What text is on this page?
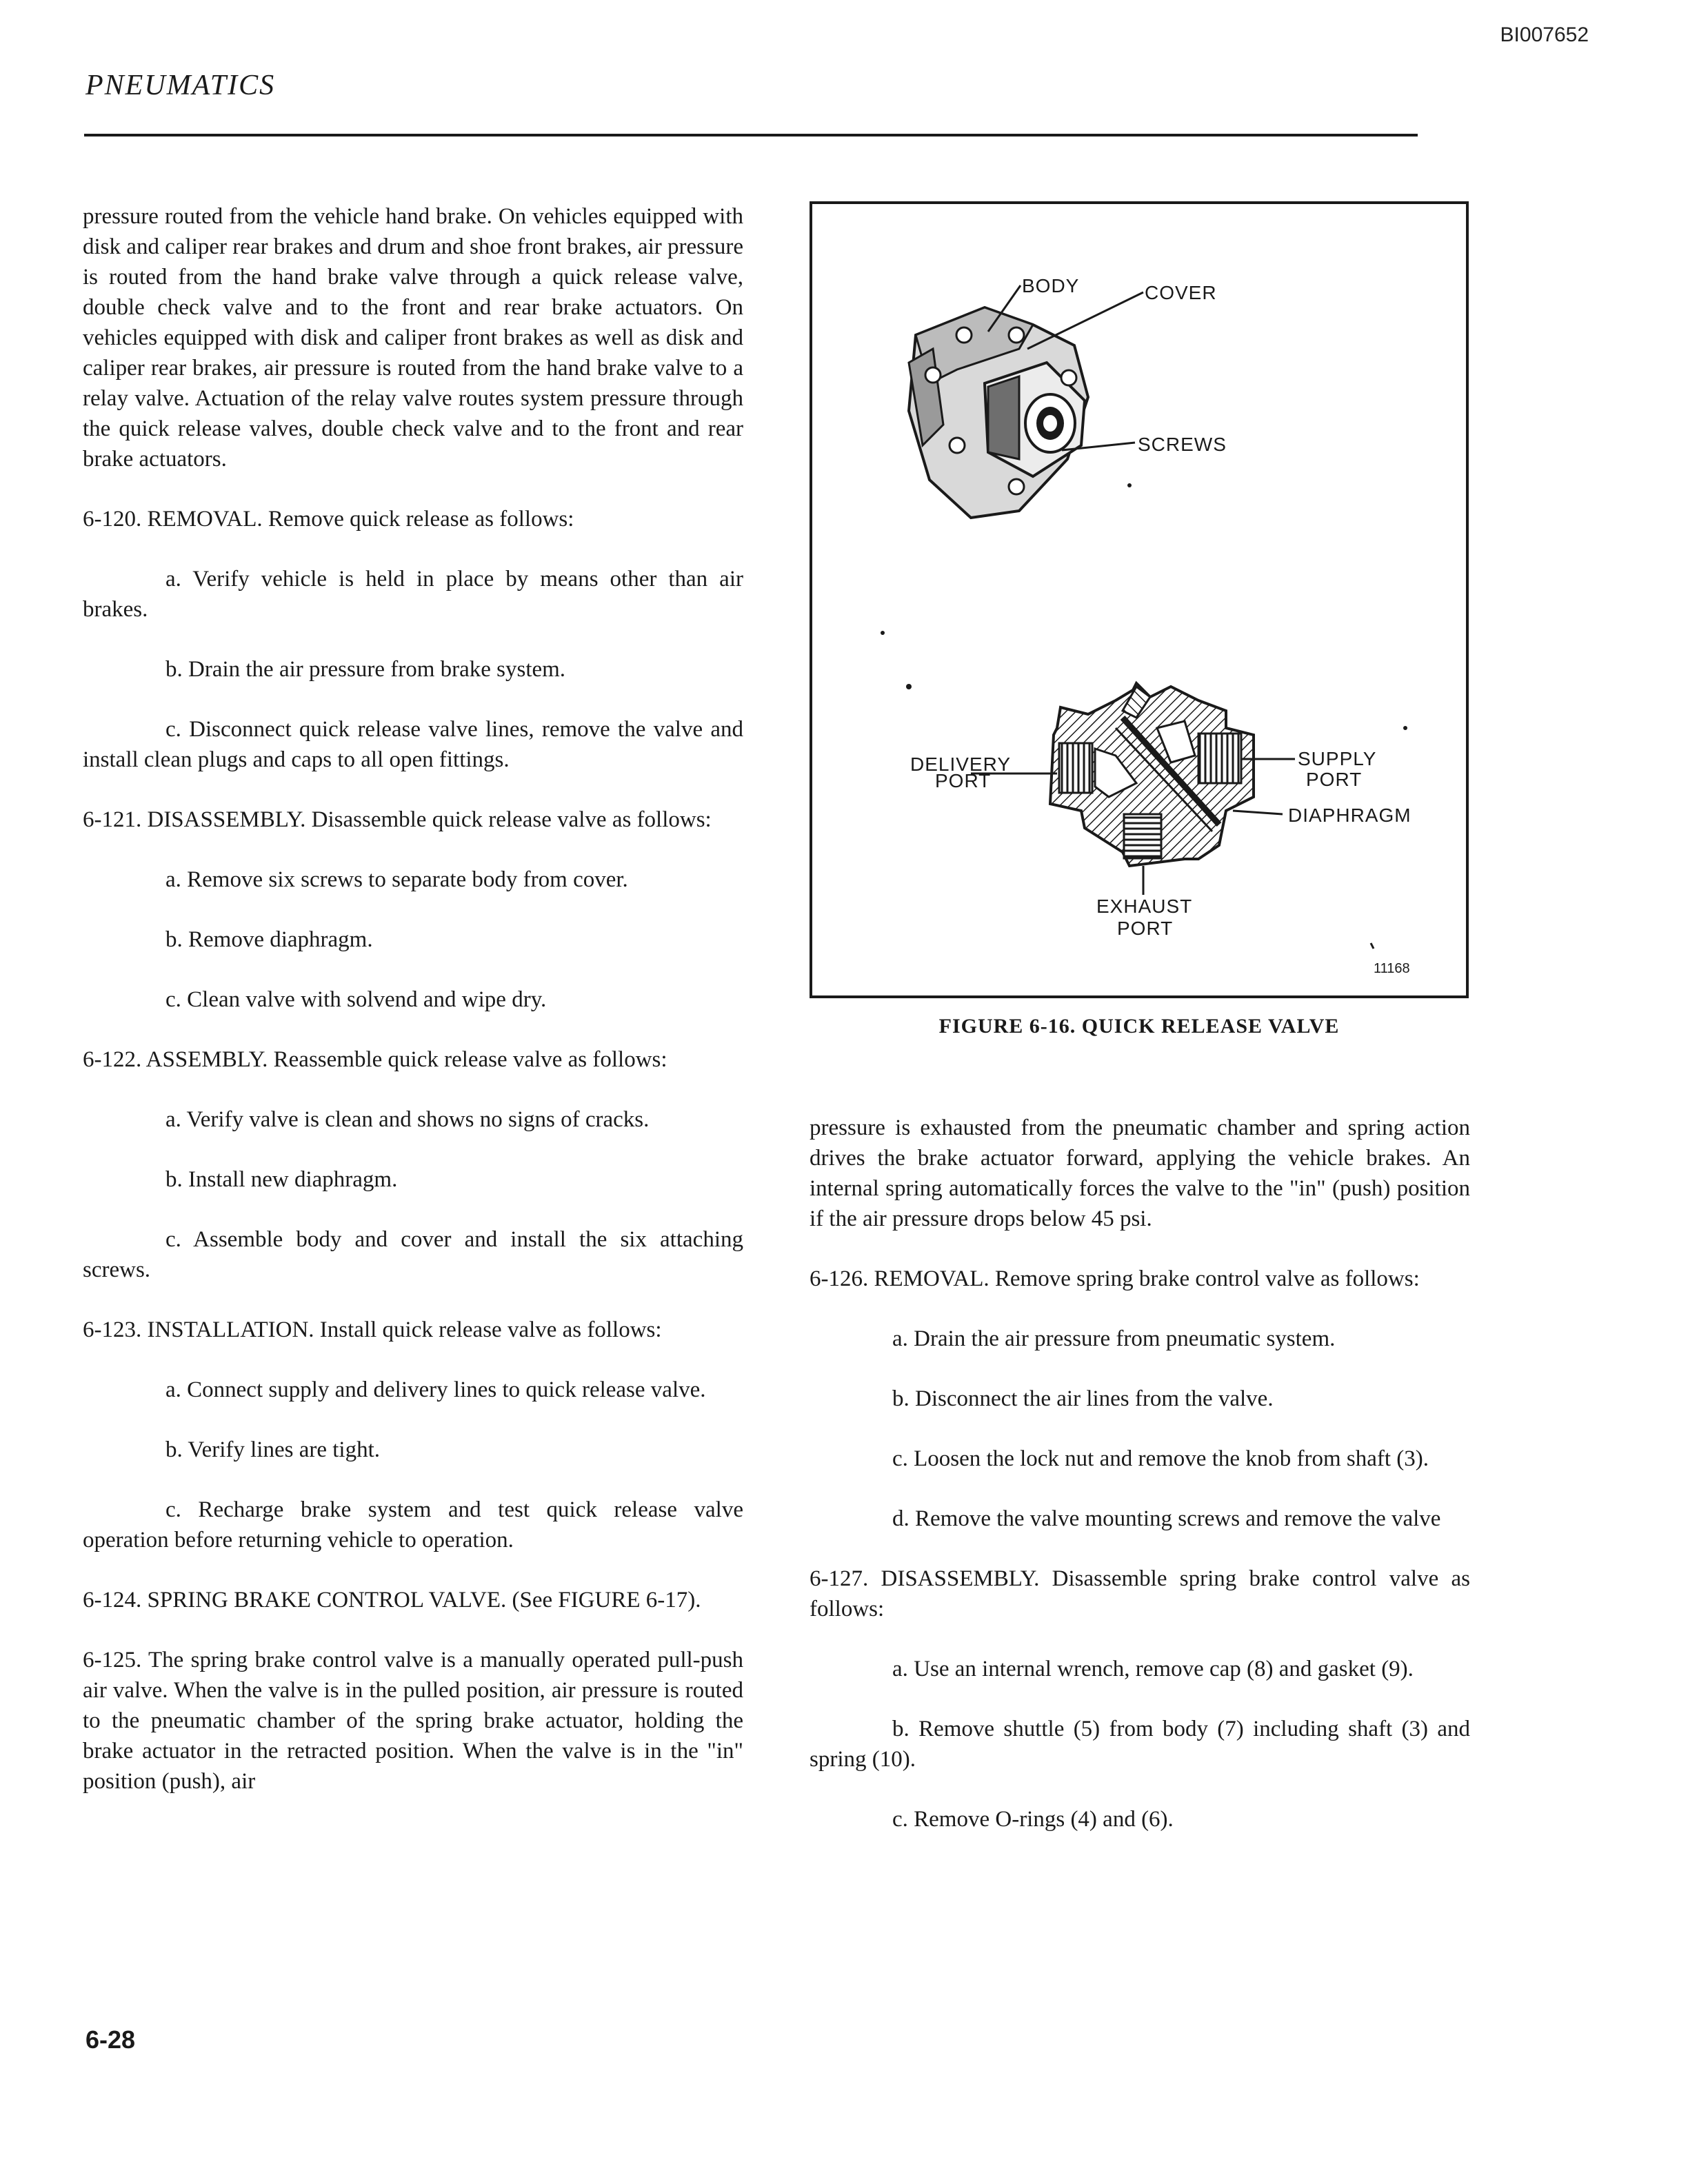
BI007652
PNEUMATICS

pressure routed from the vehicle hand brake. On vehicles equipped with disk and caliper rear brakes and drum and shoe front brakes, air pressure is routed from the hand brake valve through a quick release valve, double check valve and to the front and rear brake actuators. On vehicles equipped with disk and caliper front brakes as well as disk and caliper rear brakes, air pressure is routed from the hand brake valve to a relay valve. Actuation of the relay valve routes system pressure through the quick release valves, double check valve and to the front and rear brake actuators.

6-120. REMOVAL. Remove quick release as follows:

a. Verify vehicle is held in place by means other than air brakes.

b. Drain the air pressure from brake system.

c. Disconnect quick release valve lines, remove the valve and install clean plugs and caps to all open fittings.

6-121. DISASSEMBLY. Disassemble quick release valve as follows:

a. Remove six screws to separate body from cover.

b. Remove diaphragm.

c. Clean valve with solvend and wipe dry.

6-122. ASSEMBLY. Reassemble quick release valve as follows:

a. Verify valve is clean and shows no signs of cracks.

b. Install new diaphragm.

c. Assemble body and cover and install the six attaching screws.

6-123. INSTALLATION. Install quick release valve as follows:

a. Connect supply and delivery lines to quick release valve.

b. Verify lines are tight.

c. Recharge brake system and test quick release valve operation before returning vehicle to operation.

6-124. SPRING BRAKE CONTROL VALVE. (See FIGURE 6-17).

6-125. The spring brake control valve is a manually operated pull-push air valve. When the valve is in the pulled position, air pressure is routed to the pneumatic chamber of the spring brake actuator, holding the brake actuator in the retracted position. When the valve is in the "in" position (push), air

BODY	COVER
SCREWS
DELIVERY
PORT
SUPPLY
PORT
DIAPHRAGM
EXHAUST
PORT
11168
FIGURE 6-16. QUICK RELEASE VALVE

pressure is exhausted from the pneumatic chamber and spring action drives the brake actuator forward, applying the vehicle brakes. An internal spring automatically forces the valve to the "in" (push) position if the air pressure drops below 45 psi.

6-126. REMOVAL. Remove spring brake control valve as follows:

a. Drain the air pressure from pneumatic system.

b. Disconnect the air lines from the valve.

c. Loosen the lock nut and remove the knob from shaft (3).

d. Remove the valve mounting screws and remove the valve

6-127. DISASSEMBLY. Disassemble spring brake control valve as follows:

a. Use an internal wrench, remove cap (8) and gasket (9).

b. Remove shuttle (5) from body (7) including shaft (3) and spring (10).

c. Remove O-rings (4) and (6).

6-28
